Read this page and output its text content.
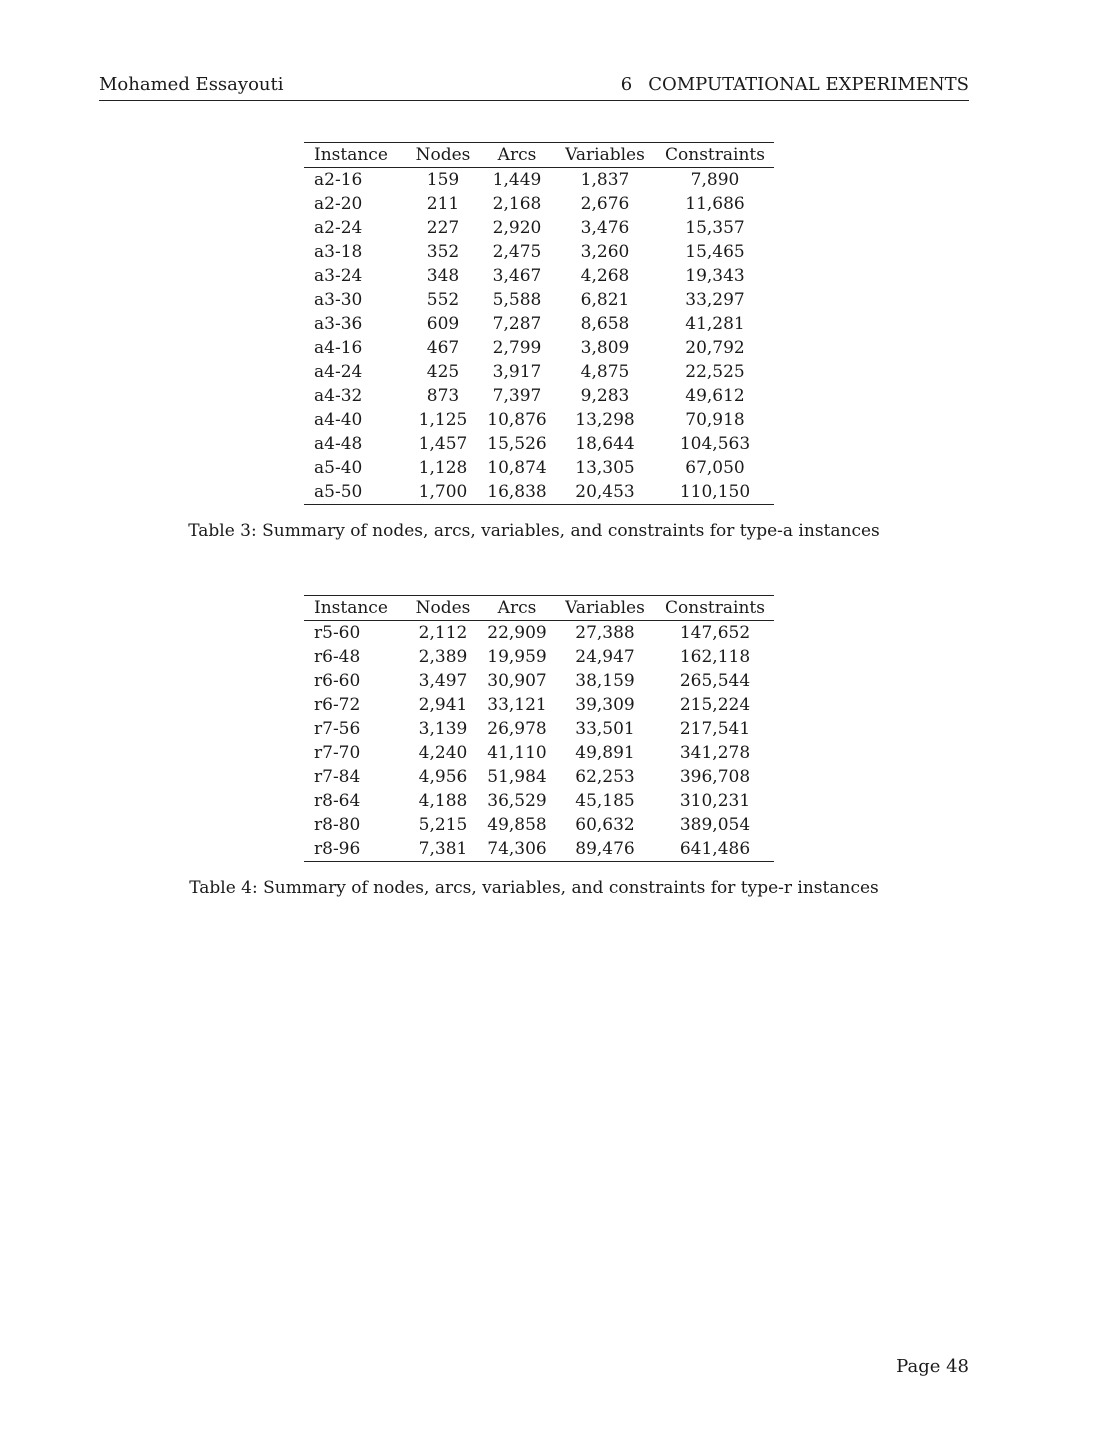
Mohamed Essayouti	6 COMPUTATIONAL EXPERIMENTS
Instance	Nodes	Arcs	Variables	Constraints
a2-16	159	1,449	1,837	7,890
a2-20	211	2,168	2,676	11,686
a2-24	227	2,920	3,476	15,357
a3-18	352	2,475	3,260	15,465
a3-24	348	3,467	4,268	19,343
a3-30	552	5,588	6,821	33,297
a3-36	609	7,287	8,658	41,281
a4-16	467	2,799	3,809	20,792
a4-24	425	3,917	4,875	22,525
a4-32	873	7,397	9,283	49,612
a4-40	1,125	10,876	13,298	70,918
a4-48	1,457	15,526	18,644	104,563
a5-40	1,128	10,874	13,305	67,050
a5-50	1,700	16,838	20,453	110,150
Table 3: Summary of nodes, arcs, variables, and constraints for type-a instances
Instance	Nodes	Arcs	Variables	Constraints
r5-60	2,112	22,909	27,388	147,652
r6-48	2,389	19,959	24,947	162,118
r6-60	3,497	30,907	38,159	265,544
r6-72	2,941	33,121	39,309	215,224
r7-56	3,139	26,978	33,501	217,541
r7-70	4,240	41,110	49,891	341,278
r7-84	4,956	51,984	62,253	396,708
r8-64	4,188	36,529	45,185	310,231
r8-80	5,215	49,858	60,632	389,054
r8-96	7,381	74,306	89,476	641,486
Table 4: Summary of nodes, arcs, variables, and constraints for type-r instances
Page 48
